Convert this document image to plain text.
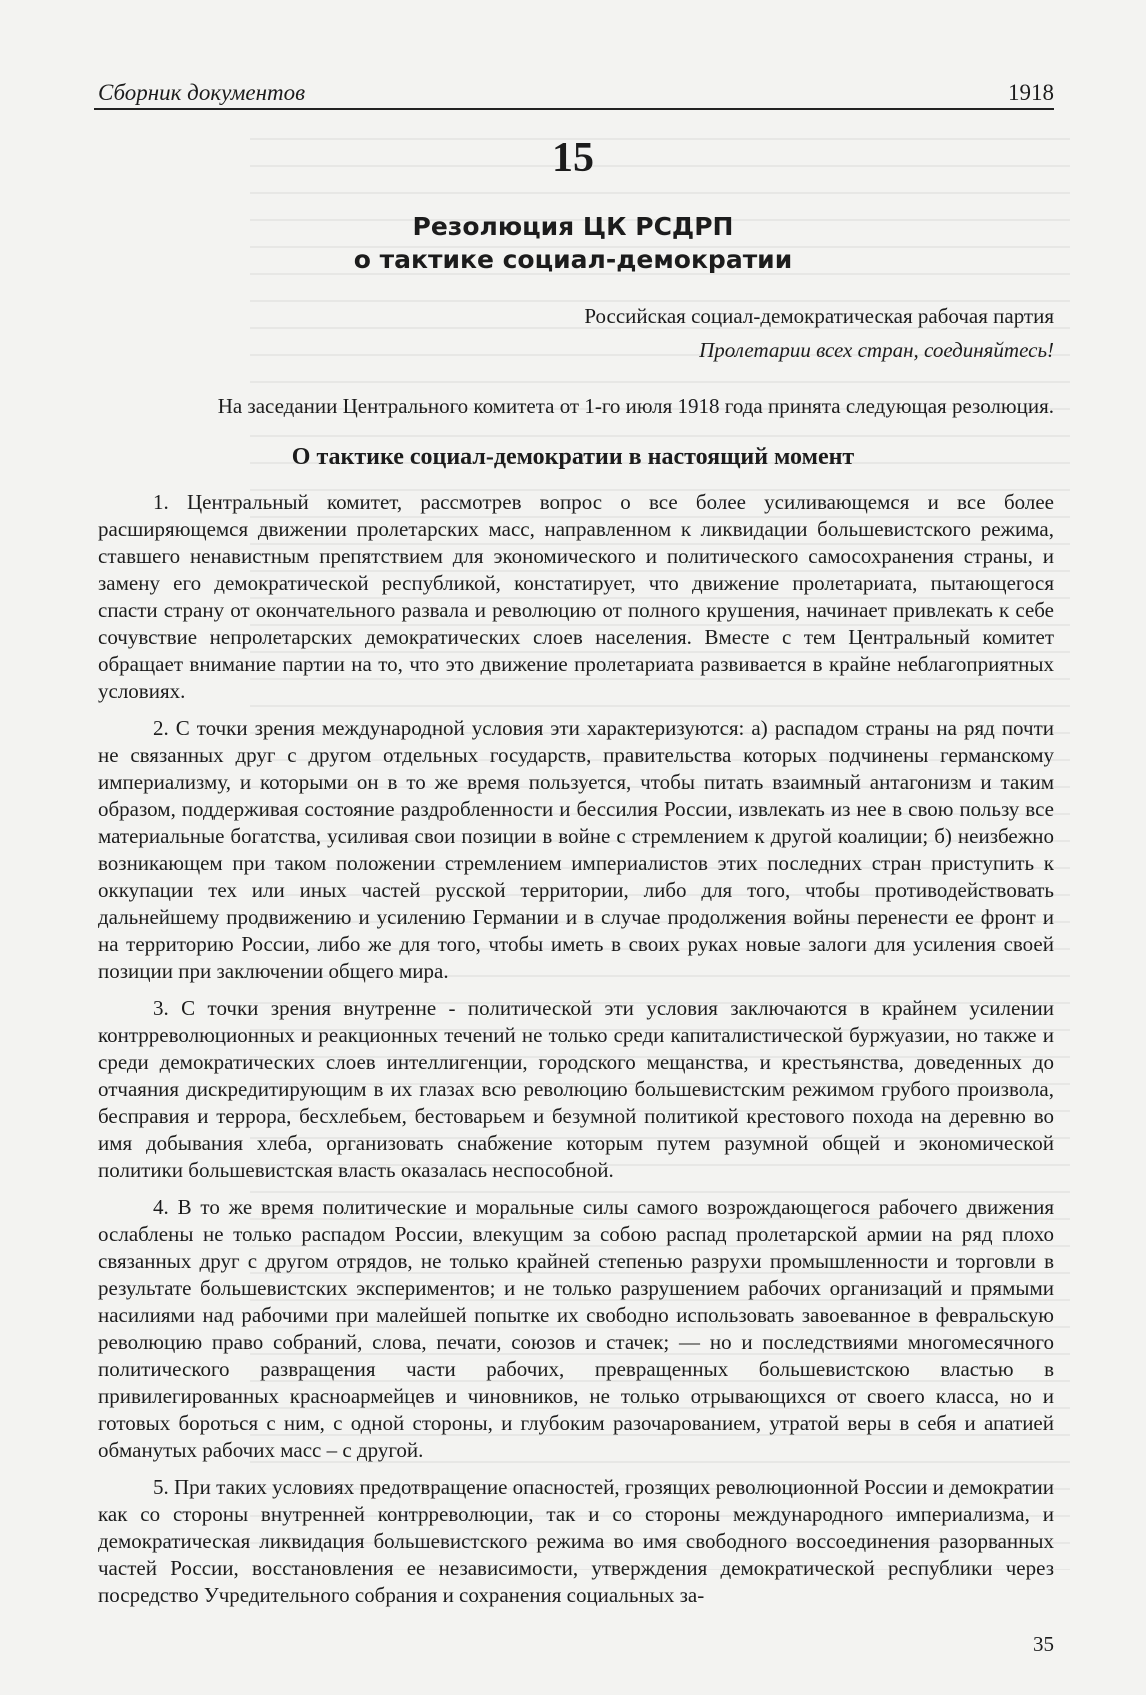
Сборник документов	1918
15
Резолюция ЦК РСДРП
о тактике социал-демократии
Российская социал-демократическая рабочая партия
Пролетарии всех стран, соединяйтесь!
На заседании Центрального комитета от 1-го июля 1918 года принята следующая резолюция.
О тактике социал-демократии в настоящий момент

1. Центральный комитет, рассмотрев вопрос о все более усиливающемся и все более расширяющемся движении пролетарских масс, направленном к ликвидации большевистского режима, ставшего ненавистным препятствием для экономического и политического самосохранения страны, и замену его демократической республикой, констатирует, что движение пролетариата, пытающегося спасти страну от окончательного развала и революцию от полного крушения, начинает привлекать к себе сочувствие непролетарских демократических слоев населения. Вместе с тем Центральный комитет обращает внимание партии на то, что это движение пролетариата развивается в крайне неблагоприятных условиях.

2. С точки зрения международной условия эти характеризуются: а) распадом страны на ряд почти не связанных друг с другом отдельных государств, правительства которых подчинены германскому империализму, и которыми он в то же время пользуется, чтобы питать взаимный антагонизм и таким образом, поддерживая состояние раздробленности и бессилия России, извлекать из нее в свою пользу все материальные богатства, усиливая свои позиции в войне с стремлением к другой коалиции; б) неизбежно возникающем при таком положении стремлением империалистов этих последних стран приступить к оккупации тех или иных частей русской территории, либо для того, чтобы противодействовать дальнейшему продвижению и усилению Германии и в случае продолжения войны перенести ее фронт и на территорию России, либо же для того, чтобы иметь в своих руках новые залоги для усиления своей позиции при заключении общего мира.

3. С точки зрения внутренне - политической эти условия заключаются в крайнем усилении контрреволюционных и реакционных течений не только среди капиталистической буржуазии, но также и среди демократических слоев интеллигенции, городского мещанства, и крестьянства, доведенных до отчаяния дискредитирующим в их глазах всю революцию большевистским режимом грубого произвола, бесправия и террора, бесхлебьем, бестоварьем и безумной политикой крестового похода на деревню во имя добывания хлеба, организовать снабжение которым путем разумной общей и экономической политики большевистская власть оказалась неспособной.

4. В то же время политические и моральные силы самого возрождающегося рабочего движения ослаблены не только распадом России, влекущим за собою распад пролетарской армии на ряд плохо связанных друг с другом отрядов, не только крайней степенью разрухи промышленности и торговли в результате большевистских экспериментов; и не только разрушением рабочих организаций и прямыми насилиями над рабочими при малейшей попытке их свободно использовать завоеванное в февральскую революцию право собраний, слова, печати, союзов и стачек; — но и последствиями многомесячного политического развращения части рабочих, превращенных большевистскою властью в привилегированных красноармейцев и чиновников, не только отрывающихся от своего класса, но и готовых бороться с ним, с одной стороны, и глубоким разочарованием, утратой веры в себя и апатией обманутых рабочих масс – с другой.

5. При таких условиях предотвращение опасностей, грозящих революционной России и демократии как со стороны внутренней контрреволюции, так и со стороны международного империализма, и демократическая ликвидация большевистского режима во имя свободного воссоединения разорванных частей России, восстановления ее независимости, утверждения демократической республики через посредство Учредительного собрания и сохранения социальных за-

35
